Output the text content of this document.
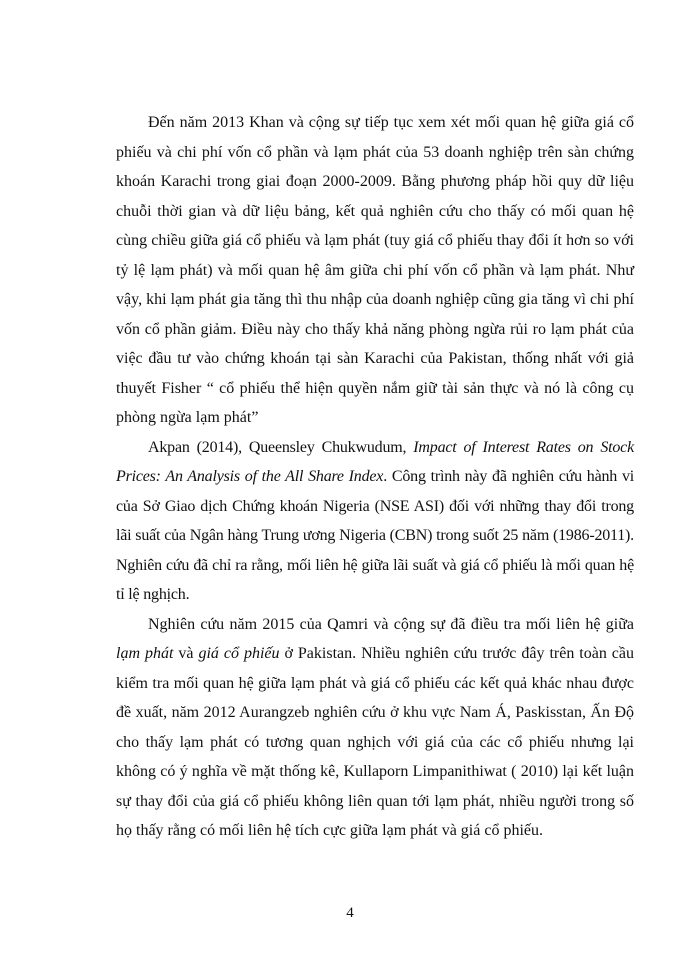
Đến năm 2013 Khan và cộng sự tiếp tục xem xét mối quan hệ giữa giá cổ phiếu và chi phí vốn cổ phần và lạm phát của 53 doanh nghiệp trên sàn chứng khoán Karachi trong giai đoạn 2000-2009. Bằng phương pháp hồi quy dữ liệu chuỗi thời gian và dữ liệu bảng, kết quả nghiên cứu cho thấy có mối quan hệ cùng chiều giữa giá cổ phiếu và lạm phát (tuy giá cổ phiếu thay đổi ít hơn so với tỷ lệ lạm phát) và mối quan hệ âm giữa chi phí vốn cổ phần và lạm phát. Như vậy, khi lạm phát gia tăng thì thu nhập của doanh nghiệp cũng gia tăng vì chi phí vốn cổ phần giảm. Điều này cho thấy khả năng phòng ngừa rủi ro lạm phát của việc đầu tư vào chứng khoán tại sàn Karachi của Pakistan, thống nhất với giả thuyết Fisher “ cổ phiếu thể hiện quyền nắm giữ tài sản thực và nó là công cụ phòng ngừa lạm phát”

Akpan (2014), Queensley Chukwudum, Impact of Interest Rates on Stock Prices: An Analysis of the All Share Index. Công trình này đã nghiên cứu hành vi của Sở Giao dịch Chứng khoán Nigeria (NSE ASI) đối với những thay đổi trong lãi suất của Ngân hàng Trung ương Nigeria (CBN) trong suốt 25 năm (1986-2011). Nghiên cứu đã chỉ ra rằng, mối liên hệ giữa lãi suất và giá cổ phiếu là mối quan hệ tỉ lệ nghịch.

Nghiên cứu năm 2015 của Qamri và cộng sự đã điều tra mối liên hệ giữa lạm phát và giá cổ phiếu ở Pakistan. Nhiều nghiên cứu trước đây trên toàn cầu kiểm tra mối quan hệ giữa lạm phát và giá cổ phiếu các kết quả khác nhau được đề xuất, năm 2012 Aurangzeb nghiên cứu ở khu vực Nam Á, Paskisstan, Ấn Độ cho thấy lạm phát có tương quan nghịch với giá của các cổ phiếu nhưng lại không có ý nghĩa về mặt thống kê, Kullaporn Limpanithiwat ( 2010) lại kết luận sự thay đổi của giá cổ phiếu không liên quan tới lạm phát, nhiều người trong số họ thấy rằng có mối liên hệ tích cực giữa lạm phát và giá cổ phiếu.

4
